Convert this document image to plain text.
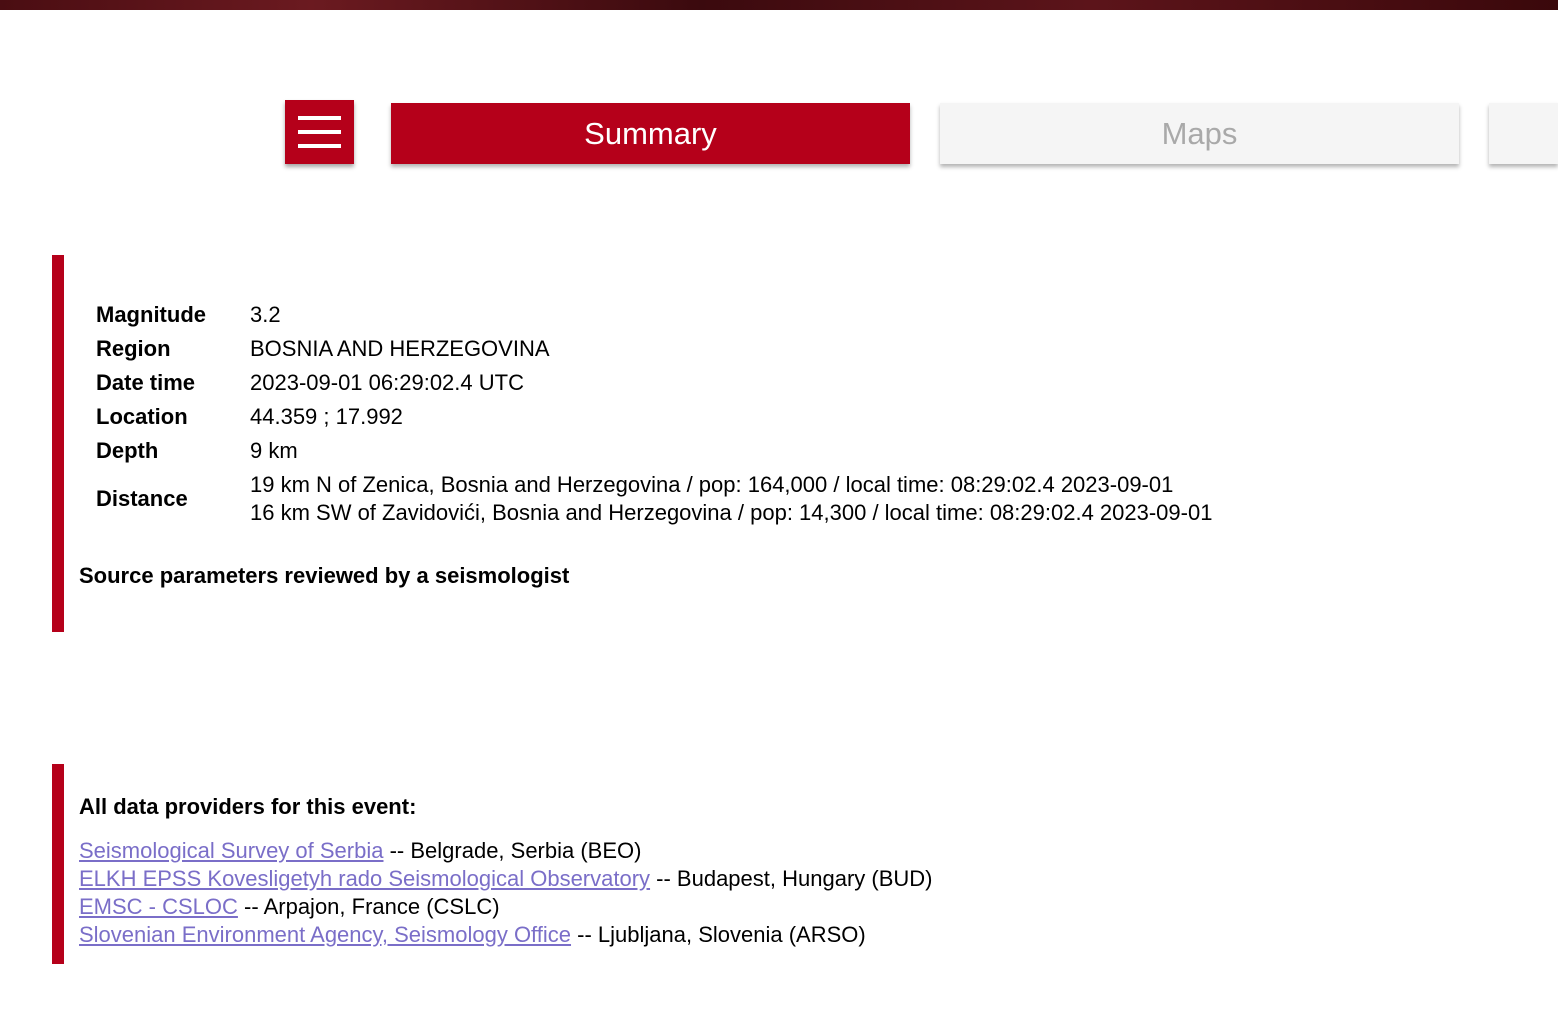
Summary	Maps
Magnitude	3.2
Region	BOSNIA AND HERZEGOVINA
Date time	2023-09-01 06:29:02.4 UTC
Location	44.359 ; 17.992
Depth	9 km
Distance	19 km N of Zenica, Bosnia and Herzegovina / pop: 164,000 / local time: 08:29:02.4 2023-09-01
16 km SW of Zavidovići, Bosnia and Herzegovina / pop: 14,300 / local time: 08:29:02.4 2023-09-01
Source parameters reviewed by a seismologist
All data providers for this event:
Seismological Survey of Serbia -- Belgrade, Serbia (BEO)
ELKH EPSS Kovesligetyh rado Seismological Observatory -- Budapest, Hungary (BUD)
EMSC - CSLOC -- Arpajon, France (CSLC)
Slovenian Environment Agency, Seismology Office -- Ljubljana, Slovenia (ARSO)
